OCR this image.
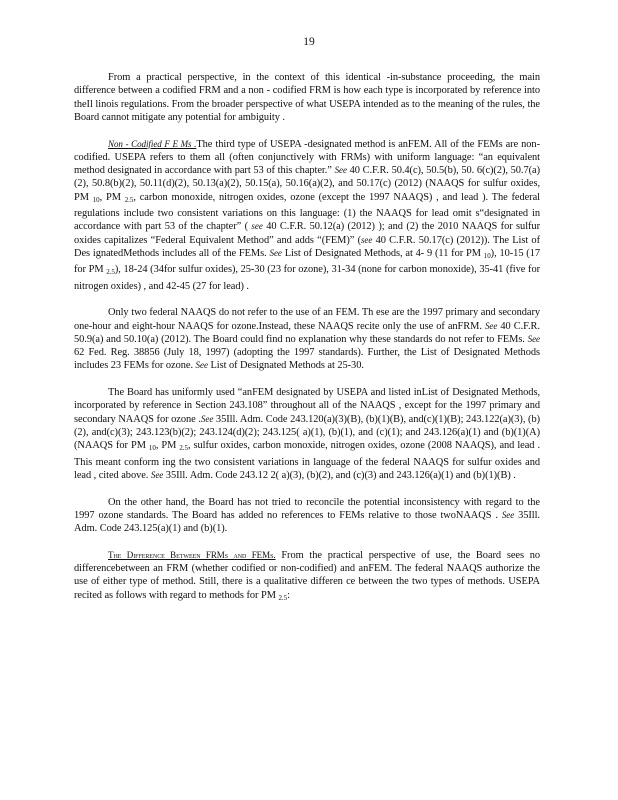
19

From a practical perspective, in the context of this identical -in-substance proceeding, the main difference between a codified FRM and a non - codified FRM is how each type is incorporated by reference into theIl linois regulations. From the broader perspective of what USEPA intended as to the meaning of the rules, the Board cannot mitigate any potential for ambiguity .

Non - Codified F E Ms .The third type of USEPA -designated method is anFEM. All of the FEMs are non-codified. USEPA refers to them all (often conjunctively with FRMs) with uniform language: “an equivalent method designated in accordance with part 53 of this chapter.” See 40 C.F.R. 50.4(c), 50.5(b), 50. 6(c)(2), 50.7(a)(2), 50.8(b)(2), 50.11(d)(2), 50.13(a)(2), 50.15(a), 50.16(a)(2), and 50.17(c) (2012) (NAAQS for sulfur oxides, PM $_{10}$, PM $_{2.5}$, carbon monoxide, nitrogen oxides, ozone (except the 1997 NAAQS) , and lead ). The federal regulations include two consistent variations on this language: (1) the NAAQS for lead omit s“designated in accordance with part 53 of the chapter” ( see 40 C.F.R. 50.12(a) (2012) ); and (2) the 2010 NAAQS for sulfur oxides capitalizes “Federal Equivalent Method” and adds “(FEM)” (see 40 C.F.R. 50.17(c) (2012)). The List of Des ignatedMethods includes all of the FEMs. See List of Designated Methods, at 4- 9 (11 for PM $_{10}$), 10-15 (17 for PM $_{2.5}$), 18-24 (34for sulfur oxides), 25-30 (23 for ozone), 31-34 (none for carbon monoxide), 35-41 (five for nitrogen oxides) , and 42-45 (27 for lead) .

Only two federal NAAQS do not refer to the use of an FEM. Th ese are the 1997 primary and secondary one-hour and eight-hour NAAQS for ozone.Instead, these NAAQS recite only the use of anFRM. See 40 C.F.R. 50.9(a) and 50.10(a) (2012). The Board could find no explanation why these standards do not refer to FEMs. See 62 Fed. Reg. 38856 (July 18, 1997) (adopting the 1997 standards). Further, the List of Designated Methods includes 23 FEMs for ozone. See List of Designated Methods at 25-30.

The Board has uniformly used “anFEM designated by USEPA and listed inList of Designated Methods, incorporated by reference in Section 243.108” throughout all of the NAAQS , except for the 1997 primary and secondary NAAQS for ozone .See 35Ill. Adm. Code 243.120(a)(3)(B), (b)(1)(B), and(c)(1)(B); 243.122(a)(3), (b)(2), and(c)(3); 243.123(b)(2); 243.124(d)(2); 243.125( a)(1), (b)(1), and (c)(1); and 243.126(a)(1) and (b)(1)(A) (NAAQS for PM $_{10}$, PM $_{2.5}$, sulfur oxides, carbon monoxide, nitrogen oxides, ozone (2008 NAAQS), and lead . This meant conform ing the two consistent variations in language of the federal NAAQS for sulfur oxides and lead , cited above. See 35Ill. Adm. Code 243.12 2( a)(3), (b)(2), and (c)(3) and 243.126(a)(1) and (b)(1)(B) .

On the other hand, the Board has not tried to reconcile the potential inconsistency with regard to the 1997 ozone standards. The Board has added no references to FEMs relative to those twoNAAQS . See 35Ill. Adm. Code 243.125(a)(1) and (b)(1).

The Difference Between FRMs and FEMs. From the practical perspective of use, the Board sees no differencebetween an FRM (whether codified or non-codified) and anFEM. The federal NAAQS authorize the use of either type of method. Still, there is a qualitative differen ce between the two types of methods. USEPA recited as follows with regard to methods for PM $_{2.5}$:
